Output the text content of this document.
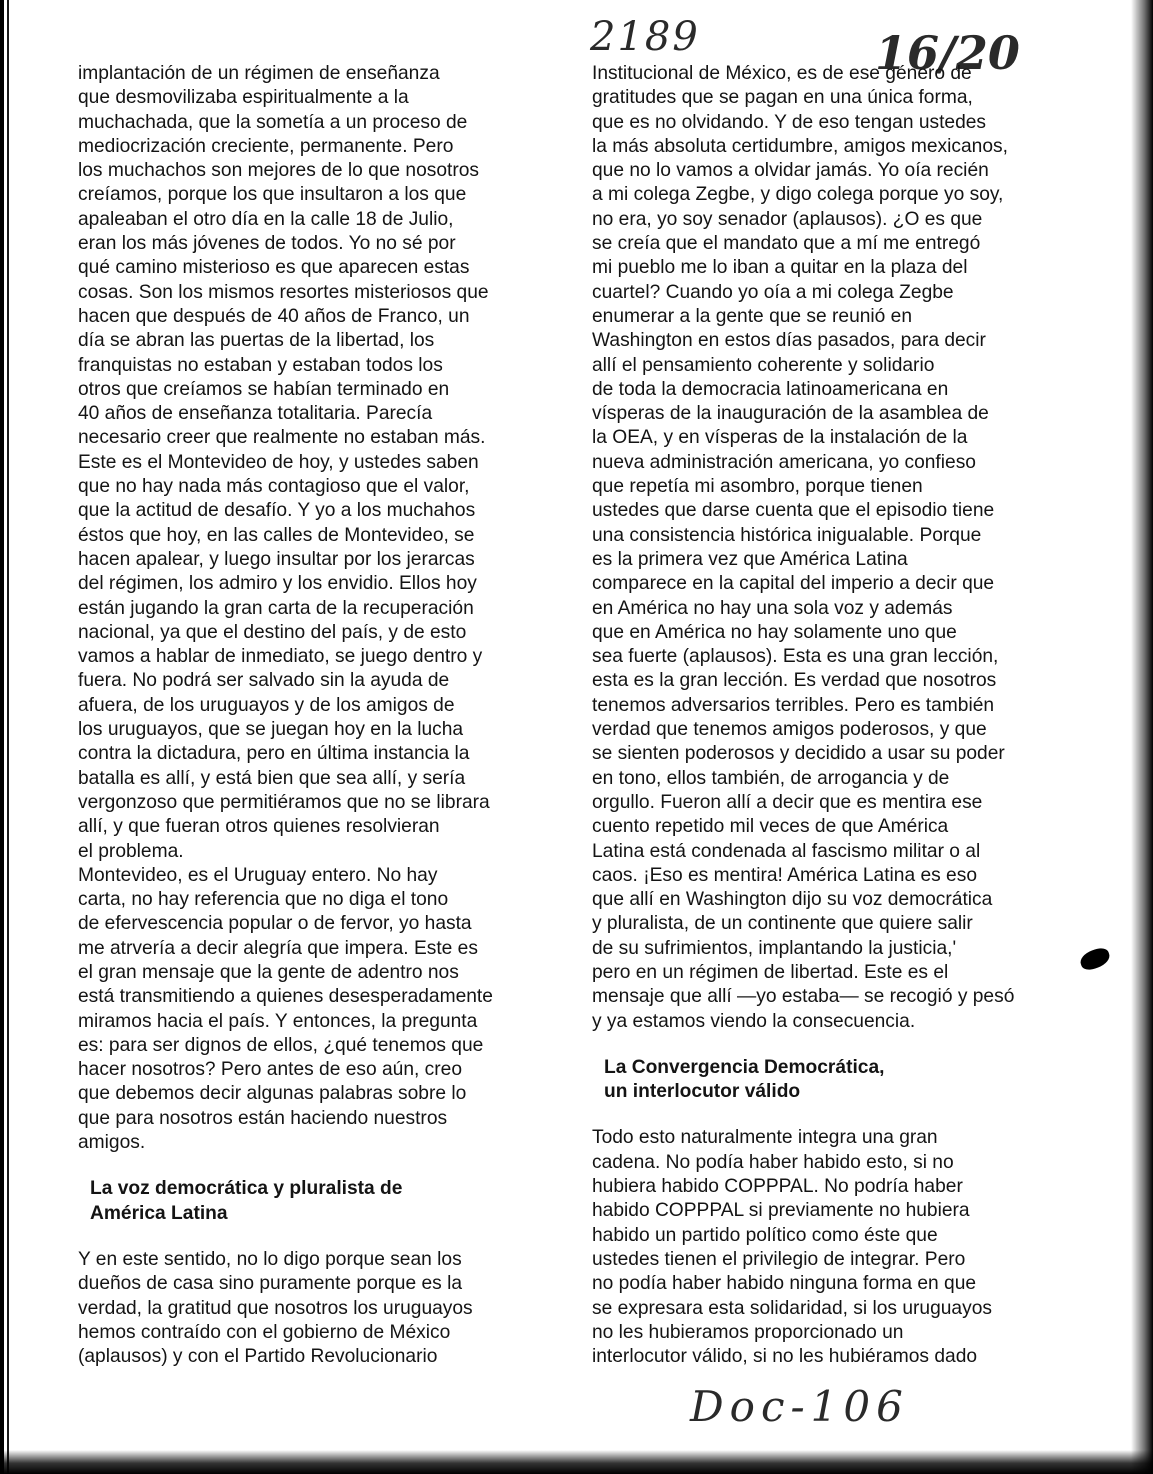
2189	16/20
Doc-106
implantación de un régimen de enseñanza
que desmovilizaba espiritualmente a la
muchachada, que la sometía a un proceso de
mediocrización creciente, permanente. Pero
los muchachos son mejores de lo que nosotros
creíamos, porque los que insultaron a los que
apaleaban el otro día en la calle 18 de Julio,
eran los más jóvenes de todos. Yo no sé por
qué camino misterioso es que aparecen estas
cosas. Son los mismos resortes misteriosos que
hacen que después de 40 años de Franco, un
día se abran las puertas de la libertad, los
franquistas no estaban y estaban todos los
otros que creíamos se habían terminado en
40 años de enseñanza totalitaria. Parecía
necesario creer que realmente no estaban más.
Este es el Montevideo de hoy, y ustedes saben
que no hay nada más contagioso que el valor,
que la actitud de desafío. Y yo a los muchahos
éstos que hoy, en las calles de Montevideo, se
hacen apalear, y luego insultar por los jerarcas
del régimen, los admiro y los envidio. Ellos hoy
están jugando la gran carta de la recuperación
nacional, ya que el destino del país, y de esto
vamos a hablar de inmediato, se juego dentro y
fuera. No podrá ser salvado sin la ayuda de
afuera, de los uruguayos y de los amigos de
los uruguayos, que se juegan hoy en la lucha
contra la dictadura, pero en última instancia la
batalla es allí, y está bien que sea allí, y sería
vergonzoso que permitiéramos que no se librara
allí, y que fueran otros quienes resolvieran
el problema.
Montevideo, es el Uruguay entero. No hay
carta, no hay referencia que no diga el tono
de efervescencia popular o de fervor, yo hasta
me atrvería a decir alegría que impera. Este es
el gran mensaje que la gente de adentro nos
está transmitiendo a quienes desesperadamente
miramos hacia el país. Y entonces, la pregunta
es: para ser dignos de ellos, ¿qué tenemos que
hacer nosotros? Pero antes de eso aún, creo
que debemos decir algunas palabras sobre lo
que para nosotros están haciendo nuestros
amigos.
La voz democrática y pluralista de
América Latina
Y en este sentido, no lo digo porque sean los
dueños de casa sino puramente porque es la
verdad, la gratitud que nosotros los uruguayos
hemos contraído con el gobierno de México
(aplausos) y con el Partido Revolucionario
Institucional de México, es de ese género de
gratitudes que se pagan en una única forma,
que es no olvidando. Y de eso tengan ustedes
la más absoluta certidumbre, amigos mexicanos,
que no lo vamos a olvidar jamás. Yo oía recién
a mi colega Zegbe, y digo colega porque yo soy,
no era, yo soy senador (aplausos). ¿O es que
se creía que el mandato que a mí me entregó
mi pueblo me lo iban a quitar en la plaza del
cuartel? Cuando yo oía a mi colega Zegbe
enumerar a la gente que se reunió en
Washington en estos días pasados, para decir
allí el pensamiento coherente y solidario
de toda la democracia latinoamericana en
vísperas de la inauguración de la asamblea de
la OEA, y en vísperas de la instalación de la
nueva administración americana, yo confieso
que repetía mi asombro, porque tienen
ustedes que darse cuenta que el episodio tiene
una consistencia histórica inigualable. Porque
es la primera vez que América Latina
comparece en la capital del imperio a decir que
en América no hay una sola voz y además
que en América no hay solamente uno que
sea fuerte (aplausos). Esta es una gran lección,
esta es la gran lección. Es verdad que nosotros
tenemos adversarios terribles. Pero es también
verdad que tenemos amigos poderosos, y que
se sienten poderosos y decidido a usar su poder
en tono, ellos también, de arrogancia y de
orgullo. Fueron allí a decir que es mentira ese
cuento repetido mil veces de que América
Latina está condenada al fascismo militar o al
caos. ¡Eso es mentira! América Latina es eso
que allí en Washington dijo su voz democrática
y pluralista, de un continente que quiere salir
de su sufrimientos, implantando la justicia,'
pero en un régimen de libertad. Este es el
mensaje que allí —yo estaba— se recogió y pesó
y ya estamos viendo la consecuencia.
La Convergencia Democrática,
un interlocutor válido
Todo esto naturalmente integra una gran
cadena. No podía haber habido esto, si no
hubiera habido COPPPAL. No podría haber
habido COPPPAL si previamente no hubiera
habido un partido político como éste que
ustedes tienen el privilegio de integrar. Pero
no podía haber habido ninguna forma en que
se expresara esta solidaridad, si los uruguayos
no les hubieramos proporcionado un
interlocutor válido, si no les hubiéramos dado
